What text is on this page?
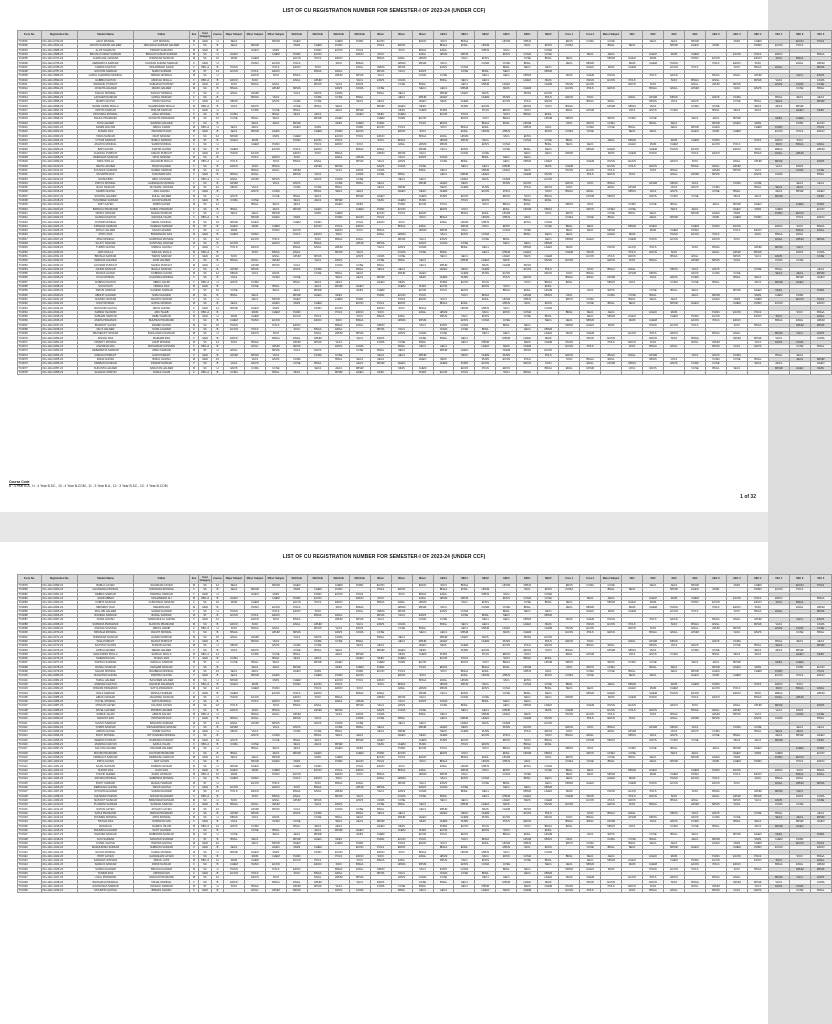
LIST OF CU REGISTRATION NUMBER FOR SEMESTER-I OF 2023-24 (UNDER CCF)
Form No.	Registration No.	Student Name	Father	Sex	Cast Category	Course	Major Subject	Minor Subject	Minor Subject	Skill Enh	Skill Enh	Skill Enh	Skill Enh	Minor	Minor	Minor	AEC1	SEC1	SEC2	AEC1	SEC1	SEC2	Core 1	Core 2	Minor Subject	GE1	GE2	GE3	GE4	AEC 3	AEC 4	SEC 2	VAC 1	SEC 3	VAC 4
TC0001	011-1111-0700-23	ANUJ MONDAL	AJIT MONDAL	M	GEN	H	SEC1		MPHR	HGEO		CHEM	PHSN	ECON		EDCN	SOCI	BNGA		HPHM	MPHS		ENVS	CCMA	CCSE		SEC1	AEC1	MPHR		MHIS	CHEM		ECON	POLS
TC0002	011-1111-0841-23	ANKITA SARKAR HALDER	NIRANJAN SARKAR HALDER	F	SC	B	AEC1	MPHR		MHIS	CHEM	PHSN		POLS	EDCN		BNGA	ENGL	HPHM		VAC1	ENVS	CCMA		BNGL	SEC1		MPHR	HGEO	MHIS		PHSN	ECON	POLS	
TC0003	011-1111-0885-23	ALOP SAMANTA	PRADIP SAMANTA	M	GEN	B		HGEO	MHIS		PHSN	ECON	POLS		SOCI	BNGA	ENGL		MPHS	VAC1		CCMA													
TC0004	011-1111-0888-23	BIKASH KUMAR SARDAR	BIDHAN KUMAR SARDAR	M	SC	H	HGEO		CHEM	PHSN	ECON		EDCN	SOCI		ENGL	HPHM	MPHS		ENVS	CCMA	CCSE		SEC1	AEC1		HGEO	MHIS	CHEM		ECON	POLS	EDCN		BNGA
TC0005	011-1111-0703-23	CHANCHAL NASKAR	DIPANKAR NASKAR	M	SC	10	MHIS	CHEM		ECON	POLS	EDCN		BNGA	ENGL	HPHM		VAC1	ENVS		CCSE	BNGL	SEC1		MPHR	HGEO	MHIS		PHSN	ECON		EDCN	SOCI	BNGA	
TC0006	011-1111-0706-23	DEBAPRIYA SARKAR	KHOKAN KUMAR SARKAR	F	GEN	H		PHSN	ECON	POLS		SOCI	BNGA		HPHM	MPHS	VAC1		CCMA	CCSE	BNGL		AEC1	MPHR		MHIS	CHEM	PHSN		POLS	EDCN	SOCI		ENGL	HPHM
TC0007	011-1111-0786-23	FARIDA KHATUN	MOHAMMAD SAHID	F	OBC-A	B	PHSN		POLS	EDCN	SOCI		ENGL	HPHM	MPHS		ENVS	CCMA		BNGL	SEC1	AEC1		HGEO	MHIS	CHEM		ECON	POLS		SOCI	BNGA	ENGL		MPHS
TC0008	011-1111-0787-23	GOUTAM SARDAR	SHIBU SARDAR	M	ST	12	ECON	POLS	EDCN		BNGA	ENGL		MPHS	VAC1	ENVS		CCSE	BNGL	SEC1		MPHR													
TC0009	011-1111-0889-23	GOPAL CHANDRA MONDAL	NIRMAL MONDAL	M	SC	H		EDCN	SOCI	BNGA		HPHM	MPHS	VAC1		CCMA	CCSE		SEC1	AEC1	MPHR		MHIS	CHEM	PHSN		POLS	EDCN		BNGA	ENGL	HPHM		VAC1	ENVS
TC0010	011-1111-0890-23	HABIBA KHATUN	AMIR ALI MOLLA	F	OBC-A	B	EDCN	SOCI		ENGL	HPHM		VAC1	ENVS	CCMA		BNGL	SEC1	AEC1		HGEO	MHIS		PHSN	ECON	POLS		SOCI	BNGA	ENGL		MPHS	VAC1		CCMA
TC0011	011-1111-0891-23	INDRANIL PURKAIT	SUBHASH PURKAIT	M	GEN	10	SOCI	BNGA	ENGL		MPHS	VAC1	ENVS		CCSE	BNGL		AEC1	MPHR	HGEO		CHEM	PHSN	ECON		EDCN	SOCI		ENGL	HPHM	MPHS		ENVS	CCMA	CCSE
TC0012	011-1111-0892-23	JAYANTA HALDER	MANIK HALDER	M	SC	B	BNGA		HPHM	MPHS		ENVS	CCMA	CCSE		SEC1	AEC1	MPHR		MHIS	CHEM		ECON	POLS	EDCN		BNGA	ENGL	HPHM		VAC1	ENVS		CCSE	BNGL
TC0013	011-1111-0893-23	KAKALI MONDAL	SANJAY MONDAL	F	SC	H	ENGL	HPHM		VAC1	ENVS	CCMA		BNGL	SEC1		MPHR	HGEO	MHIS		PHSN	ECON													
TC0014	011-1111-0894-23	LAKSHMI NASKAR	GOPAL NASKAR	F	SC	B		MPHS	VAC1		CCMA	CCSE	BNGL		AEC1	MPHR	HGEO		CHEM	PHSN		POLS	EDCN	SOCI		ENGL	HPHM	MPHS		ENVS	CCMA		BNGL	SEC1	AEC1
TC0015	011-1111-0895-23	MAMPI GHOSH	TAPAN GHOSH	F	GEN	12	MPHS		ENVS	CCMA	CCSE		SEC1	AEC1		HGEO	MHIS	CHEM		ECON	POLS	EDCN		BNGA	ENGL		MPHS	VAC1	ENVS		CCSE	BNGL	SEC1		MPHR
TC0016	011-1111-0896-23	NASIR UDDIN MOLLA	SAHABUDDIN MOLLA	M	OBC-A	B	VAC1	ENVS		CCSE	BNGL	SEC1		MPHR	HGEO	MHIS		PHSN	ECON		EDCN	SOCI	BNGA		HPHM	MPHS	VAC1		CCMA	CCSE		SEC1	AEC1	MPHR	
TC0017	011-1111-0897-23	ORPITA SARKAR	BIPLAB SARKAR	F	GEN	H		CCMA	CCSE	BNGL		AEC1	MPHR		MHIS	CHEM	PHSN		POLS	EDCN	SOCI		ENGL	HPHM		VAC1	ENVS	CCMA		BNGL	SEC1	AEC1		HGEO	MHIS
TC0018	011-1111-0898-23	PRIYANKA MONDAL	AMAL MONDAL	F	SC	B	CCMA		BNGL	SEC1	AEC1		HGEO	MHIS	CHEM		ECON	POLS		SOCI	BNGA	ENGL													
TC0019	011-1111-0899-23	RAHUL PRAMANIK	SUSANTA PRAMANIK	M	SC	10	CCSE	BNGL	SEC1		MPHR	HGEO		CHEM	PHSN	ECON		EDCN	SOCI	BNGA		HPHM	MPHS		ENVS	CCMA	CCSE		SEC1	AEC1	MPHR		MHIS	CHEM	
TC0020	011-1111-0900-23	RIYA HALDER	SWAPAN HALDER	F	SC	B		SEC1	AEC1	MPHR		MHIS	CHEM	PHSN		POLS	EDCN		BNGA	ENGL	HPHM		VAC1	ENVS	CCMA		BNGL	SEC1		MPHR	HGEO	MHIS		PHSN	ECON
TC0021	011-1111-0901-23	SAMIM AKHTAR	ABDUL KARIM	M	OBC-A	H	SEC1	AEC1		HGEO	MHIS		PHSN	ECON	POLS		SOCI	BNGA	ENGL		MPHS	VAC1		CCMA	CCSE	BNGL		AEC1	MPHR	HGEO		CHEM	PHSN		POLS
TC0022	011-1111-0902-23	SUMAN DAS	PRASANTA DAS	M	GEN	B	AEC1	MPHR	HGEO		CHEM	PHSN	ECON		EDCN	SOCI		ENGL	HPHM	MPHS		ENVS	CCMA	CCSE		SEC1	AEC1		HGEO	MHIS	CHEM		ECON	POLS	EDCN
TC0023	011-1111-0903-23	TANIA NASKAR	DILIP NASKAR	F	SC	12	MPHR		MHIS	CHEM		ECON	POLS	EDCN		BNGA	ENGL	HPHM		VAC1	ENVS														
TC0024	011-1111-0904-23	UTTAM SARDAR	BABLU SARDAR	M	ST	B	HGEO	MHIS		PHSN	ECON	POLS		SOCI	BNGA		HPHM	MPHS	VAC1		CCMA	CCSE	BNGL		AEC1	MPHR		MHIS	CHEM	PHSN		POLS	EDCN	SOCI	
TC0025	011-1111-0905-23	ANANYA MONDAL	SAMIR MONDAL	F	SC	H		CHEM	PHSN		POLS	EDCN	SOCI		ENGL	HPHM	MPHS		ENVS	CCMA		BNGL	SEC1	AEC1		HGEO	MHIS	CHEM		ECON	POLS		SOCI	BNGA	ENGL
TC0026	011-1111-0906-23	BAPI GAYEN	KARTIK GAYEN	M	SC	B	CHEM		ECON	POLS	EDCN		BNGA	ENGL		MPHS	VAC1	ENVS		CCSE	BNGL	SEC1		MPHR	HGEO		CHEM	PHSN	ECON		EDCN	SOCI	BNGA		HPHM
TC0027	011-1111-0907-23	CHAITALI PURKAIT	ASHOK PURKAIT	F	GEN	10	PHSN	ECON		EDCN	SOCI	BNGA		HPHM	MPHS	VAC1		CCMA	CCSE		SEC1	AEC1	MPHR		MHIS	CHEM	PHSN		POLS	EDCN		BNGA	ENGL	HPHM	
TC0028	011-1111-0908-23	DEBASHIS NASKAR	NITAI NASKAR	M	SC	B		POLS	EDCN	SOCI		ENGL	HPHM		VAC1	ENVS	CCMA		BNGL	SEC1	AEC1														
TC0029	011-1111-0909-23	FIROJ MOLLA	JAHANGIR MOLLA	M	OBC-A	H	POLS		SOCI	BNGA	ENGL		MPHS	VAC1	ENVS		CCSE	BNGL		AEC1	MPHR	HGEO		CHEM	PHSN	ECON		EDCN	SOCI		ENGL	HPHM	MPHS		ENVS
TC0030	011-1111-0910-23	ISHITA HALDER	BIJAN HALDER	F	SC	B	EDCN	SOCI	BNGA		HPHM	MPHS		ENVS	CCMA	CCSE		SEC1	AEC1	MPHR		MHIS	CHEM		ECON	POLS	EDCN		BNGA	ENGL	HPHM		VAC1	ENVS	
TC0031	011-1111-0911-23	KOUSHIK SARDAR	NAREN SARDAR	M	SC	12		BNGA	ENGL	HPHM		VAC1	ENVS	CCMA		BNGL	SEC1		MPHR	HGEO	MHIS		PHSN	ECON	POLS		SOCI	BNGA		HPHM	MPHS	VAC1		CCMA	CCSE
TC0032	011-1111-0912-23	MOUMITA DAS	SUKUMAR DAS	F	GEN	B	BNGA	ENGL		MPHS	VAC1		CCMA	CCSE	BNGL		AEC1	MPHR	HGEO		CHEM	PHSN		POLS	EDCN	SOCI		ENGL	HPHM	MPHS		ENVS	CCMA		BNGL
TC0033	011-1111-0913-23	NILIMA BIBI	ABUL HOSSAIN	F	OBC-A	H	ENGL	HPHM	MPHS		ENVS	CCMA	CCSE		SEC1	AEC1		HGEO	MHIS	CHEM		ECON													
TC0034	011-1111-0914-23	PAPIYA MONDAL	HARADHAN MONDAL	F	SC	B	HPHM		VAC1	ENVS		CCSE	BNGL	SEC1		MPHR	HGEO	MHIS		PHSN	ECON		EDCN	SOCI	BNGA		HPHM	MPHS	VAC1		CCMA	CCSE		SEC1	AEC1
TC0035	011-1111-0915-23	RAJU NASKAR	SHYAMAL NASKAR	M	SC	10	MPHS	VAC1		CCMA	CCSE	BNGL		AEC1	MPHR		MHIS	CHEM	PHSN		POLS	EDCN	SOCI		ENGL	HPHM		VAC1	ENVS	CCMA		BNGL	SEC1	AEC1	
TC0036	011-1111-0916-23	SAMPA GHOSH	ANIL GHOSH	F	GEN	B		ENVS	CCMA		BNGL	SEC1	AEC1		HGEO	MHIS	CHEM		ECON	POLS		SOCI	BNGA	ENGL		MPHS	VAC1	ENVS		CCSE	BNGL		AEC1	MPHR	HGEO
TC0037	011-1111-0917-23	SOURAV HALDER	DULAL HALDER	M	SC	H	ENVS		CCSE	BNGL	SEC1		MPHR	HGEO		CHEM	PHSN	ECON		EDCN	SOCI	BNGA		HPHM	MPHS		ENVS	CCMA	CCSE		SEC1	AEC1	MPHR		MHIS
TC0038	011-1111-0918-23	TANUSREE SARKAR	GOUR SARKAR	F	GEN	B	CCMA	CCSE		SEC1	AEC1	MPHR		MHIS	CHEM	PHSN		POLS	EDCN		BNGA	ENGL													
TC0039	011-1111-0919-23	AMIT GAYEN	RABIN GAYEN	M	SC	12		BNGL	SEC1	AEC1		HGEO	MHIS		PHSN	ECON	POLS		SOCI	BNGA	ENGL		MPHS	VAC1		CCMA	CCSE	BNGL		AEC1	MPHR	HGEO		CHEM	PHSN
TC0040	011-1111-0920-23	BARNALI PRAMANIK	SUBAL PRAMANIK	F	SC	B	BNGL		AEC1	MPHR	HGEO		CHEM	PHSN	ECON		EDCN	SOCI		ENGL	HPHM	MPHS		ENVS	CCMA	CCSE		SEC1	AEC1		HGEO	MHIS	CHEM		ECON
TC0041	011-1111-0921-23	DIPIKA NASKAR	MADAN NASKAR	F	SC	H	SEC1	AEC1	MPHR		MHIS	CHEM		ECON	POLS	EDCN		BNGA	ENGL	HPHM		VAC1	ENVS		CCSE	BNGL	SEC1		MPHR	HGEO	MHIS		PHSN	ECON	
TC0042	011-1111-0922-23	HASINA KHATUN	RAFIQUL ISLAM	F	OBC-A	B		MPHR	HGEO	MHIS		PHSN	ECON	POLS		SOCI	BNGA		HPHM	MPHS	VAC1		CCMA	CCSE	BNGL		AEC1	MPHR		MHIS	CHEM	PHSN		POLS	EDCN
TC0043	011-1111-0923-23	JOYDEB MONDAL	NEPAL MONDAL	M	SC	10	MPHR	HGEO		CHEM	PHSN		POLS	EDCN	SOCI		ENGL	HPHM	MPHS		ENVS	CCMA													
TC0044	011-1111-0924-23	KRISHNA SARDAR	PARESH SARDAR	M	ST	B	HGEO	MHIS	CHEM		ECON	POLS	EDCN		BNGA	ENGL		MPHS	VAC1	ENVS		CCSE	BNGL	SEC1		MPHR	HGEO		CHEM	PHSN	ECON		EDCN	SOCI	BNGA
TC0045	011-1111-0925-23	MITALI HALDER	KANAI HALDER	F	SC	H	MHIS		PHSN	ECON		EDCN	SOCI	BNGA		HPHM	MPHS	VAC1		CCMA	CCSE		SEC1	AEC1	MPHR		MHIS	CHEM	PHSN		POLS	EDCN		BNGA	ENGL
TC0046	011-1111-0926-23	PINTU DAS	BISWANATH DAS	M	GEN	B	CHEM	PHSN		POLS	EDCN	SOCI		ENGL	HPHM		VAC1	ENVS	CCMA		BNGL	SEC1	AEC1		HGEO	MHIS		PHSN	ECON	POLS		SOCI	BNGA	ENGL	
TC0047	011-1111-0927-23	RINA MONDAL	HARIPADA MONDAL	F	SC	12		ECON	POLS		SOCI	BNGA	ENGL		MPHS	VAC1	ENVS		CCSE	BNGL		AEC1	MPHR	HGEO		CHEM	PHSN	ECON		EDCN	SOCI		ENGL	HPHM	MPHS
TC0048	011-1111-0928-23	SUJOY NASKAR	SANTOSH NASKAR	M	SC	B	ECON		EDCN	SOCI	BNGA		HPHM	MPHS		ENVS	CCMA	CCSE		SEC1	AEC1	MPHR													
TC0049	011-1111-0929-23	TUMPA GHOSH	MRINAL GHOSH	F	GEN	H	POLS	EDCN		BNGA	ENGL	HPHM		VAC1	ENVS	CCMA		BNGL	SEC1		MPHR	HGEO	MHIS		PHSN	ECON	POLS		SOCI	BNGA		HPHM	MPHS	VAC1	
TC0050	011-1111-0930-23	ARIF MOLLA	SIRAJUL MOLLA	M	OBC-A	B		SOCI	BNGA	ENGL		MPHS	VAC1		CCMA	CCSE	BNGL		AEC1	MPHR	HGEO		CHEM	PHSN		POLS	EDCN	SOCI		ENGL	HPHM	MPHS		ENVS	CCMA
TC0051	011-1111-0931-23	BIDISHA SARKAR	TARUN SARKAR	F	GEN	10	SOCI		ENGL	HPHM	MPHS		ENVS	CCMA	CCSE		SEC1	AEC1		HGEO	MHIS	CHEM		ECON	POLS	EDCN		BNGA	ENGL		MPHS	VAC1	ENVS		CCSE
TC0052	011-1111-0932-23	DEBJANI HALDER	ASIM HALDER	F	SC	B	BNGA	ENGL	HPHM		VAC1	ENVS		CCSE	BNGL	SEC1		MPHR	HGEO	MHIS		PHSN	ECON		EDCN	SOCI	BNGA		HPHM	MPHS	VAC1		CCMA	CCSE	
TC0053	011-1111-0933-23	GOURAB PURKAIT	NANDA PURKAIT	M	GEN	H		HPHM	MPHS	VAC1		CCMA	CCSE	BNGL		AEC1	MPHR		MHIS	CHEM	PHSN														
TC0054	011-1111-0934-23	JHUMA NASKAR	BHOLA NASKAR	F	SC	B	HPHM	MPHS		ENVS	CCMA		BNGL	SEC1	AEC1		HGEO	MHIS	CHEM		ECON	POLS		SOCI	BNGA	ENGL		MPHS	VAC1	ENVS		CCSE	BNGL		AEC1
TC0055	011-1111-0935-23	MANAS GAYEN	GOBINDA GAYEN	M	SC	12	MPHS	VAC1	ENVS		CCSE	BNGL	SEC1		MPHR	HGEO		CHEM	PHSN	ECON		EDCN	SOCI	BNGA		HPHM	MPHS		ENVS	CCMA	CCSE		SEC1	AEC1	MPHR
TC0056	011-1111-0936-23	PUJA MONDAL	KALIPADA MONDAL	F	SC	B	VAC1		CCMA	CCSE		SEC1	AEC1	MPHR		MHIS	CHEM	PHSN		POLS	EDCN		BNGA	ENGL	HPHM		VAC1	ENVS	CCMA		BNGL	SEC1		MPHR	HGEO
TC0057	011-1111-0937-23	RUBINA KHATUN	ABDUL MAJID	F	OBC-A	H	ENVS	CCMA		BNGL	SEC1	AEC1		HGEO	MHIS		PHSN	ECON	POLS		SOCI	BNGA	ENGL		MPHS	VAC1		CCMA	CCSE	BNGL		AEC1	MPHR	HGEO	
TC0058	011-1111-0938-23	SAYAN DAS	NIRMAL DAS	M	GEN	B		CCSE	BNGL		AEC1	MPHR	HGEO		CHEM	PHSN	ECON		EDCN	SOCI		ENGL													
TC0059	011-1111-0939-23	TAPASI SARDAR	GANESH SARDAR	F	ST	10	CCSE		SEC1	AEC1	MPHR		MHIS	CHEM		ECON	POLS	EDCN		BNGA	ENGL	HPHM		VAC1	ENVS		CCSE	BNGL	SEC1		MPHR	HGEO	MHIS		PHSN
TC0060	011-1111-0940-23	ABHIJIT HALDER	NIMAI HALDER	M	SC	B	BNGL	SEC1		MPHR	HGEO	MHIS		PHSN	ECON	POLS		SOCI	BNGA		HPHM	MPHS	VAC1		CCMA	CCSE	BNGL		AEC1	MPHR		MHIS	CHEM	PHSN	
TC0061	011-1111-0941-23	CHUMKI NASKAR	ANANTA NASKAR	F	SC	H		AEC1	MPHR	HGEO		CHEM	PHSN		POLS	EDCN	SOCI		ENGL	HPHM	MPHS		ENVS	CCMA		BNGL	SEC1	AEC1		HGEO	MHIS	CHEM		ECON	POLS
TC0062	011-1111-0942-23	DILIP MONDAL	GOPAL MONDAL	M	SC	B	AEC1		HGEO	MHIS	CHEM		ECON	POLS	EDCN		BNGA	ENGL		MPHS	VAC1	ENVS		CCSE	BNGL	SEC1		MPHR	HGEO		CHEM	PHSN	ECON		EDCN
TC0063	011-1111-0943-23	MOUSUMI GHOSH	ARUN GHOSH	F	GEN	12	MPHR	HGEO	MHIS		PHSN	ECON		EDCN	SOCI	BNGA		HPHM	MPHS	VAC1		CCMA													
TC0064	011-1111-0944-23	SABINA YEASMIN	ABU TALEB	F	OBC-A	B		MHIS	CHEM	PHSN		POLS	EDCN	SOCI		ENGL	HPHM		VAC1	ENVS	CCMA		BNGL	SEC1	AEC1		HGEO	MHIS		PHSN	ECON	POLS		SOCI	BNGA
TC0065	011-1111-0945-23	SUBHAM SARKAR	DEBU SARKAR	M	GEN	H	MHIS	CHEM		ECON	POLS		SOCI	BNGA	ENGL		MPHS	VAC1	ENVS		CCSE	BNGL		AEC1	MPHR	HGEO		CHEM	PHSN	ECON		EDCN	SOCI		ENGL
TC0066	011-1111-0946-23	ANIMA PRAMANIK	BHUPEN PRAMANIK	F	SC	B	CHEM	PHSN	ECON		EDCN	SOCI	BNGA		HPHM	MPHS		ENVS	CCMA	CCSE		SEC1	AEC1	MPHR		MHIS	CHEM		ECON	POLS	EDCN		BNGA	ENGL	HPHM
TC0067	011-1111-0947-23	BISWAJIT GAYEN	RAMEN GAYEN	M	SC	10	PHSN		POLS	EDCN		BNGA	ENGL	HPHM		VAC1	ENVS	CCMA		BNGL	SEC1		MPHR	HGEO	MHIS		PHSN	ECON	POLS		SOCI	BNGA		HPHM	MPHS
TC0068	011-1111-0948-23	KEYA HALDER	SUNIL HALDER	F	SC	B	ECON	POLS		SOCI	BNGA	ENGL		MPHS	VAC1		CCMA	CCSE	BNGL		AEC1	MPHR													
TC0069	011-1111-0949-23	PRASENJIT NASKAR	BHOLANATH NASKAR	M	SC	H		EDCN	SOCI		ENGL	HPHM	MPHS		ENVS	CCMA	CCSE		SEC1	AEC1		HGEO	MHIS	CHEM		ECON	POLS	EDCN		BNGA	ENGL		MPHS	VAC1	ENVS
TC0070	011-1111-0950-23	SONALI DAS	MADHAB DAS	F	GEN	B	EDCN		BNGA	ENGL	HPHM		VAC1	ENVS		CCSE	BNGL	SEC1		MPHR	HGEO	MHIS		PHSN	ECON		EDCN	SOCI	BNGA		HPHM	MPHS	VAC1		CCMA
TC0071	011-1111-0951-23	TANMOY MONDAL	ANUP MONDAL	M	SC	12	SOCI	BNGA		HPHM	MPHS	VAC1		CCMA	CCSE	BNGL		AEC1	MPHR		MHIS	CHEM	PHSN		POLS	EDCN	SOCI		ENGL	HPHM		VAC1	ENVS	CCMA	
TC0072	011-1111-0952-23	ANJUMAN ARA	MOSHARAF HOSSAIN	F	OBC-A	B		ENGL	HPHM	MPHS		ENVS	CCMA		BNGL	SEC1	AEC1		HGEO	MHIS	CHEM		ECON	POLS		SOCI	BNGA	ENGL		MPHS	VAC1	ENVS		CCSE	BNGL
TC0073	011-1111-0953-23	DEBABRATA SARDAR	JIBAN SARDAR	M	ST	H	ENGL		MPHS	VAC1	ENVS		CCSE	BNGL	SEC1		MPHR	HGEO		CHEM	PHSN	ECON													
TC0074	011-1111-0954-23	MANASI PURKAIT	HARI PURKAIT	F	GEN	B	HPHM	MPHS	VAC1		CCMA	CCSE		SEC1	AEC1	MPHR		MHIS	CHEM	PHSN		POLS	EDCN		BNGA	ENGL	HPHM		VAC1	ENVS	CCMA		BNGL	SEC1	
TC0075	011-1111-0955-23	RANA GHOSH	BIMAL GHOSH	M	GEN	10		VAC1	ENVS	CCMA		BNGL	SEC1	AEC1		HGEO	MHIS		PHSN	ECON	POLS		SOCI	BNGA	ENGL		MPHS	VAC1		CCMA	CCSE	BNGL		AEC1	MPHR
TC0076	011-1111-0956-23	SRABANI NASKAR	PRADIP NASKAR	F	SC	B	VAC1	ENVS		CCSE	BNGL		AEC1	MPHR	HGEO		CHEM	PHSN	ECON		EDCN	SOCI		ENGL	HPHM	MPHS		ENVS	CCMA	CCSE		SEC1	AEC1		HGEO
TC0077	011-1111-0957-23	SUKANTA HALDER	NARAYAN HALDER	M	SC	H	ENVS	CCMA	CCSE		SEC1	AEC1	MPHR		MHIS	CHEM		ECON	POLS	EDCN		BNGA	ENGL	HPHM		VAC1	ENVS		CCSE	BNGL	SEC1		MPHR	HGEO	MHIS
TC0078	011-1111-0958-23	SAHANAJ PARVIN	NURUL ISLAM	F	OBC-A	B	CCMA		BNGL	SEC1		MPHR	HGEO	MHIS		PHSN	ECON	POLS		SOCI	BNGA														
Course Code
B : 4 Year B.A., H : 4 Year B.SC., 10 : 4 Year B.COM., 11 : 3 Year B.A., 12 : 3 Year B.SC., 13 : 3 Year B.COM.
1 of 32
LIST OF CU REGISTRATION NUMBER FOR SEMESTER-I OF 2023-24 (UNDER CCF)
Form No.	Registration No.	Student Name	Father	Sex	Cast Category	Course	Major Subject	Minor Subject	Minor Subject	Skill Enh	Skill Enh	Skill Enh	Skill Enh	Minor	Minor	Minor	AEC1	SEC1	SEC2	AEC1	SEC1	SEC2	Core 1	Core 2	Minor Subject	GE1	GE2	GE3	GE4	AEC 3	AEC 4	SEC 2	VAC 1	SEC 3	VAC 4
TC0079	011-1111-0959-23	BABLU GAYEN	SHANKAR GAYEN	M	SC	12	SEC1		MPHR	HGEO		CHEM	PHSN	ECON		EDCN	SOCI	BNGA		HPHM	MPHS		ENVS	CCMA	CCSE		SEC1	AEC1	MPHR		MHIS	CHEM		ECON	POLS
TC0080	011-1111-0960-23	CHANDANA MONDAL	TARAPADA MONDAL	F	SC	B	AEC1	MPHR		MHIS	CHEM	PHSN		POLS	EDCN		BNGA	ENGL	HPHM		VAC1	ENVS	CCMA		BNGL	SEC1		MPHR	HGEO	MHIS		PHSN	ECON	POLS	
TC0081	011-1111-0961-23	DEBIKA SARKAR	PARIMAL SARKAR	F	GEN	H		HGEO	MHIS		PHSN	ECON	POLS		SOCI	BNGA	ENGL		MPHS	VAC1		CCMA													
TC0082	011-1111-0962-23	JAHIR ABBAS	MOHAMMAD ALI	M	OBC-A	B	HGEO		CHEM	PHSN	ECON		EDCN	SOCI		ENGL	HPHM	MPHS		ENVS	CCMA	CCSE		SEC1	AEC1		HGEO	MHIS	CHEM		ECON	POLS	EDCN		BNGA
TC0083	011-1111-0963-23	KABITA NASKAR	GURUPADA NASKAR	F	SC	10	MHIS	CHEM		ECON	POLS	EDCN		BNGA	ENGL	HPHM		VAC1	ENVS		CCSE	BNGL	SEC1		MPHR	HGEO	MHIS		PHSN	ECON		EDCN	SOCI	BNGA	
TC0084	011-1111-0964-23	MRINMOY DAS	SWAPAN DAS	M	GEN	B		PHSN	ECON	POLS		SOCI	BNGA		HPHM	MPHS	VAC1		CCMA	CCSE	BNGL		AEC1	MPHR		MHIS	CHEM	PHSN		POLS	EDCN	SOCI		ENGL	HPHM
TC0085	011-1111-0965-23	PALLABI HALDER	SAMAR HALDER	F	SC	H	PHSN		POLS	EDCN	SOCI		ENGL	HPHM	MPHS		ENVS	CCMA		BNGL	SEC1	AEC1		HGEO	MHIS	CHEM		ECON	POLS		SOCI	BNGA	ENGL		MPHS
TC0086	011-1111-0966-23	RAKESH SARDAR	BADAL SARDAR	M	ST	B	ECON	POLS	EDCN		BNGA	ENGL		MPHS	VAC1	ENVS		CCSE	BNGL	SEC1		MPHR													
TC0087	011-1111-0967-23	SOMA GHOSH	NANDADULAL GHOSH	F	GEN	12		EDCN	SOCI	BNGA		HPHM	MPHS	VAC1		CCMA	CCSE		SEC1	AEC1	MPHR		MHIS	CHEM	PHSN		POLS	EDCN		BNGA	ENGL	HPHM		VAC1	ENVS
TC0088	011-1111-0968-23	SUBRATA PRAMANIK	KHOKON PRAMANIK	M	SC	B	EDCN	SOCI		ENGL	HPHM		VAC1	ENVS	CCMA		BNGL	SEC1	AEC1		HGEO	MHIS		PHSN	ECON	POLS		SOCI	BNGA	ENGL		MPHS	VAC1		CCMA
TC0089	011-1111-0969-23	AYESHA SULTANA	ABDUL HAMID	F	OBC-A	H	SOCI	BNGA	ENGL		MPHS	VAC1	ENVS		CCSE	BNGL		AEC1	MPHR	HGEO		CHEM	PHSN	ECON		EDCN	SOCI		ENGL	HPHM	MPHS		ENVS	CCMA	CCSE
TC0090	011-1111-0970-23	BIPASHA MONDAL	RANJIT MONDAL	F	SC	B	BNGA		HPHM	MPHS		ENVS	CCMA	CCSE		SEC1	AEC1	MPHR		MHIS	CHEM		ECON	POLS	EDCN		BNGA	ENGL	HPHM		VAC1	ENVS		CCSE	BNGL
TC0091	011-1111-0971-23	DIPANKAR NASKAR	HARAN NASKAR	M	SC	10	ENGL	HPHM		VAC1	ENVS	CCMA		BNGL	SEC1		MPHR	HGEO	MHIS		PHSN	ECON													
TC0092	011-1111-0972-23	ISHA PURKAIT	MANOJ PURKAIT	F	GEN	B		MPHS	VAC1		CCMA	CCSE	BNGL		AEC1	MPHR	HGEO		CHEM	PHSN		POLS	EDCN	SOCI		ENGL	HPHM	MPHS		ENVS	CCMA		BNGL	SEC1	AEC1
TC0093	011-1111-0973-23	KAUSTAV GAYEN	SUDHIR GAYEN	M	SC	H	MPHS		ENVS	CCMA	CCSE		SEC1	AEC1		HGEO	MHIS	CHEM		ECON	POLS	EDCN		BNGA	ENGL		MPHS	VAC1	ENVS		CCSE	BNGL	SEC1		MPHR
TC0094	011-1111-0974-23	LIPIKA HALDER	NEMAI HALDER	F	SC	B	VAC1	ENVS		CCSE	BNGL	SEC1		MPHR	HGEO	MHIS		PHSN	ECON		EDCN	SOCI	BNGA		HPHM	MPHS	VAC1		CCMA	CCSE		SEC1	AEC1	MPHR	
TC0095	011-1111-0975-23	MAHIUDDIN MOLLA	SAMSUL MOLLA	M	OBC-A	12		CCMA	CCSE	BNGL		AEC1	MPHR		MHIS	CHEM	PHSN		POLS	EDCN	SOCI		ENGL	HPHM		VAC1	ENVS	CCMA		BNGL	SEC1	AEC1		HGEO	MHIS
TC0096	011-1111-0976-23	NABANITA DAS	SUSHIL DAS	F	GEN	B	CCMA		BNGL	SEC1	AEC1		HGEO	MHIS	CHEM		ECON	POLS		SOCI	BNGA	ENGL													
TC0097	011-1111-0977-23	PARTHA SARDAR	MANGAL SARDAR	M	ST	H	CCSE	BNGL	SEC1		MPHR	HGEO		CHEM	PHSN	ECON		EDCN	SOCI	BNGA		HPHM	MPHS		ENVS	CCMA	CCSE		SEC1	AEC1	MPHR		MHIS	CHEM	
TC0098	011-1111-0978-23	RUPALI NASKAR	KESHAB NASKAR	F	SC	B		SEC1	AEC1	MPHR		MHIS	CHEM	PHSN		POLS	EDCN		BNGA	ENGL	HPHM		VAC1	ENVS	CCMA		BNGL	SEC1		MPHR	HGEO	MHIS		PHSN	ECON
TC0099	011-1111-0979-23	SAGAR MONDAL	BHABESH MONDAL	M	SC	10	SEC1	AEC1		HGEO	MHIS		PHSN	ECON	POLS		SOCI	BNGA	ENGL		MPHS	VAC1		CCMA	CCSE	BNGL		AEC1	MPHR	HGEO		CHEM	PHSN		POLS
TC0100	011-1111-0980-23	SUCHITRA GHOSH	PABITRA GHOSH	F	GEN	B	AEC1	MPHR	HGEO		CHEM	PHSN	ECON		EDCN	SOCI		ENGL	HPHM	MPHS		ENVS	CCMA	CCSE		SEC1	AEC1		HGEO	MHIS	CHEM		ECON	POLS	EDCN
TC0101	011-1111-0981-23	TAMAL HALDER	BASUDEB HALDER	M	SC	H	MPHR		MHIS	CHEM		ECON	POLS	EDCN		BNGA	ENGL	HPHM		VAC1	ENVS														
TC0102	011-1111-0982-23	ANWARA KHATUN	HAFIZUR RAHAMAN	F	OBC-A	B	HGEO	MHIS		PHSN	ECON	POLS		SOCI	BNGA		HPHM	MPHS	VAC1		CCMA	CCSE	BNGL		AEC1	MPHR		MHIS	CHEM	PHSN		POLS	EDCN	SOCI	
TC0103	011-1111-0983-23	BIKRAM PRAMANIK	SATYA PRAMANIK	M	SC	12		CHEM	PHSN		POLS	EDCN	SOCI		ENGL	HPHM	MPHS		ENVS	CCMA		BNGL	SEC1	AEC1		HGEO	MHIS	CHEM		ECON	POLS		SOCI	BNGA	ENGL
TC0104	011-1111-0984-23	DOLA SARKAR	PANKAJ SARKAR	F	GEN	B	CHEM		ECON	POLS	EDCN		BNGA	ENGL		MPHS	VAC1	ENVS		CCSE	BNGL	SEC1		MPHR	HGEO		CHEM	PHSN	ECON		EDCN	SOCI	BNGA		HPHM
TC0105	011-1111-0985-23	HIRAK NASKAR	JAGADISH NASKAR	M	SC	H	PHSN	ECON		EDCN	SOCI	BNGA		HPHM	MPHS	VAC1		CCMA	CCSE		SEC1	AEC1	MPHR		MHIS	CHEM	PHSN		POLS	EDCN		BNGA	ENGL	HPHM	
TC0106	011-1111-0986-23	KOYEL MONDAL	AMIYA MONDAL	F	SC	B		POLS	EDCN	SOCI		ENGL	HPHM		VAC1	ENVS	CCMA		BNGL	SEC1	AEC1														
TC0107	011-1111-0987-23	MITHUN GAYEN	KALIDAS GAYEN	M	SC	10	POLS		SOCI	BNGA	ENGL		MPHS	VAC1	ENVS		CCSE	BNGL		AEC1	MPHR	HGEO		CHEM	PHSN	ECON		EDCN	SOCI		ENGL	HPHM	MPHS		ENVS
TC0108	011-1111-0988-23	PAYEL HALDER	PROBIR HALDER	F	SC	B	EDCN	SOCI	BNGA		HPHM	MPHS		ENVS	CCMA	CCSE		SEC1	AEC1	MPHR		MHIS	CHEM		ECON	POLS	EDCN		BNGA	ENGL	HPHM		VAC1	ENVS	
TC0109	011-1111-0989-23	RABIUL ISLAM	ABDUS SALAM	M	OBC-A	H		BNGA	ENGL	HPHM		VAC1	ENVS	CCMA		BNGL	SEC1		MPHR	HGEO	MHIS		PHSN	ECON	POLS		SOCI	BNGA		HPHM	MPHS	VAC1		CCMA	CCSE
TC0110	011-1111-0990-23	SANGITA DAS	PROSANTA DAS	F	GEN	B	BNGA	ENGL		MPHS	VAC1		CCMA	CCSE	BNGL		AEC1	MPHR	HGEO		CHEM	PHSN		POLS	EDCN	SOCI		ENGL	HPHM	MPHS		ENVS	CCMA		BNGL
TC0111	011-1111-0991-23	SHUVO SARDAR	BASANTA SARDAR	M	ST	12	ENGL	HPHM	MPHS		ENVS	CCMA	CCSE		SEC1	AEC1		HGEO	MHIS	CHEM		ECON													
TC0112	011-1111-0992-23	TUMPA NASKAR	KRISHNAPADA NASKAR	F	SC	B	HPHM		VAC1	ENVS		CCSE	BNGL	SEC1		MPHR	HGEO	MHIS		PHSN	ECON		EDCN	SOCI	BNGA		HPHM	MPHS	VAC1		CCMA	CCSE		SEC1	AEC1
TC0113	011-1111-0993-23	ARPAN GHOSH	SUBIR GHOSH	M	GEN	H	MPHS	VAC1		CCMA	CCSE	BNGL		AEC1	MPHR		MHIS	CHEM	PHSN		POLS	EDCN	SOCI		ENGL	HPHM		VAC1	ENVS	CCMA		BNGL	SEC1	AEC1	
TC0114	011-1111-0994-23	BULTI MONDAL	NITYANANDA MONDAL	F	SC	B		ENVS	CCMA		BNGL	SEC1	AEC1		HGEO	MHIS	CHEM		ECON	POLS		SOCI	BNGA	ENGL		MPHS	VAC1	ENVS		CCSE	BNGL		AEC1	MPHR	HGEO
TC0115	011-1111-0995-23	DEEPAK PURKAIT	RAMPADA PURKAIT	M	GEN	10	ENVS		CCSE	BNGL	SEC1		MPHR	HGEO		CHEM	PHSN	ECON		EDCN	SOCI	BNGA		HPHM	MPHS		ENVS	CCMA	CCSE		SEC1	AEC1	MPHR		MHIS
TC0116	011-1111-0996-23	JASMINA KHATUN	SAIFUL ISLAM	F	OBC-A	B	CCMA	CCSE		SEC1	AEC1	MPHR		MHIS	CHEM	PHSN		POLS	EDCN		BNGA	ENGL													
TC0117	011-1111-0997-23	KALYAN HALDER	PRANAB HALDER	M	SC	H		BNGL	SEC1	AEC1		HGEO	MHIS		PHSN	ECON	POLS		SOCI	BNGA	ENGL		MPHS	VAC1		CCMA	CCSE	BNGL		AEC1	MPHR	HGEO		CHEM	PHSN
TC0118	011-1111-0998-23	MOUMI PRAMANIK	GOUTAM PRAMANIK	F	SC	B	BNGL		AEC1	MPHR	HGEO		CHEM	PHSN	ECON		EDCN	SOCI		ENGL	HPHM	MPHS		ENVS	CCMA	CCSE		SEC1	AEC1		HGEO	MHIS	CHEM		ECON
TC0119	011-1111-0999-23	NIRMALYA SARKAR	DEBASISH SARKAR	M	GEN	12	SEC1	AEC1	MPHR		MHIS	CHEM		ECON	POLS	EDCN		BNGA	ENGL	HPHM		VAC1	ENVS		CCSE	BNGL	SEC1		MPHR	HGEO	MHIS		PHSN	ECON	
TC0120	011-1111-1000-23	PRIYA GAYEN	ASIT GAYEN	F	SC	B		MPHR	HGEO	MHIS		PHSN	ECON	POLS		SOCI	BNGA		HPHM	MPHS	VAC1		CCMA	CCSE	BNGL		AEC1	MPHR		MHIS	CHEM	PHSN		POLS	EDCN
TC0121	011-1111-1001-23	SAJAL NASKAR	DHIREN NASKAR	M	SC	H	MPHR	HGEO		CHEM	PHSN		POLS	EDCN	SOCI		ENGL	HPHM	MPHS		ENVS	CCMA													
TC0122	011-1111-1002-23	SUDIPA DAS	ALOK DAS	F	GEN	B	HGEO	MHIS	CHEM		ECON	POLS	EDCN		BNGA	ENGL		MPHS	VAC1	ENVS		CCSE	BNGL	SEC1		MPHR	HGEO		CHEM	PHSN	ECON		EDCN	SOCI	BNGA
TC0123	011-1111-1003-23	TOUFIK AHMED	ZAKIR HOSSAIN	M	OBC-A	10	MHIS		PHSN	ECON		EDCN	SOCI	BNGA		HPHM	MPHS	VAC1		CCMA	CCSE		SEC1	AEC1	MPHR		MHIS	CHEM	PHSN		POLS	EDCN		BNGA	ENGL
TC0124	011-1111-1004-23	ANTARA MONDAL	SHIBPADA MONDAL	F	SC	B	CHEM	PHSN		POLS	EDCN	SOCI		ENGL	HPHM		VAC1	ENVS	CCMA		BNGL	SEC1	AEC1		HGEO	MHIS		PHSN	ECON	POLS		SOCI	BNGA	ENGL	
TC0125	011-1111-1005-23	BIJOY SARDAR	MADHU SARDAR	M	ST	H		ECON	POLS		SOCI	BNGA	ENGL		MPHS	VAC1	ENVS		CCSE	BNGL		AEC1	MPHR	HGEO		CHEM	PHSN	ECON		EDCN	SOCI		ENGL	HPHM	MPHS
TC0126	011-1111-1006-23	DEBOLINA GHOSH	TAPAS GHOSH	F	GEN	B	ECON		EDCN	SOCI	BNGA		HPHM	MPHS		ENVS	CCMA	CCSE		SEC1	AEC1	MPHR													
TC0127	011-1111-1007-23	JOYANTA HALDER	SUDAM HALDER	M	SC	12	POLS	EDCN		BNGA	ENGL	HPHM		VAC1	ENVS	CCMA		BNGL	SEC1		MPHR	HGEO	MHIS		PHSN	ECON	POLS		SOCI	BNGA		HPHM	MPHS	VAC1	
TC0128	011-1111-1008-23	KHUSHBU PARVIN	ANISUR RAHAMAN	F	OBC-A	B		SOCI	BNGA	ENGL		MPHS	VAC1		CCMA	CCSE	BNGL		AEC1	MPHR	HGEO		CHEM	PHSN		POLS	EDCN	SOCI		ENGL	HPHM	MPHS		ENVS	CCMA
TC0129	011-1111-1009-23	MANOJIT NASKAR	BIRESWAR NASKAR	M	SC	H	SOCI		ENGL	HPHM	MPHS		ENVS	CCMA	CCSE		SEC1	AEC1		HGEO	MHIS	CHEM		ECON	POLS	EDCN		BNGA	ENGL		MPHS	VAC1	ENVS		CCSE
TC0130	011-1111-1010-23	PUJARINI SARKAR	SANKAR SARKAR	F	GEN	B	BNGA	ENGL	HPHM		VAC1	ENVS		CCSE	BNGL	SEC1		MPHR	HGEO	MHIS		PHSN	ECON		EDCN	SOCI	BNGA		HPHM	MPHS	VAC1		CCMA	CCSE	
TC0131	011-1111-1011-23	RATAN GAYEN	AKSHAY GAYEN	M	SC	10		HPHM	MPHS	VAC1		CCMA	CCSE	BNGL		AEC1	MPHR		MHIS	CHEM	PHSN														
TC0132	011-1111-1012-23	SATHI PRAMANIK	BAPAN PRAMANIK	F	SC	B	HPHM	MPHS		ENVS	CCMA		BNGL	SEC1	AEC1		HGEO	MHIS	CHEM		ECON	POLS		SOCI	BNGA	ENGL		MPHS	VAC1	ENVS		CCSE	BNGL		AEC1
TC0133	011-1111-1013-23	SOUMEN MONDAL	JATIN MONDAL	M	SC	H	MPHS	VAC1	ENVS		CCSE	BNGL	SEC1		MPHR	HGEO		CHEM	PHSN	ECON		EDCN	SOCI	BNGA		HPHM	MPHS		ENVS	CCMA	CCSE		SEC1	AEC1	MPHR
TC0134	011-1111-1014-23	TRISHA DAS	SOMNATH DAS	F	GEN	B	VAC1		CCMA	CCSE		SEC1	AEC1	MPHR		MHIS	CHEM	PHSN		POLS	EDCN		BNGA	ENGL	HPHM		VAC1	ENVS	CCMA		BNGL	SEC1		MPHR	HGEO
TC0135	011-1111-1015-23	AFSAR ALI	NAZRUL ISLAM	M	OBC-A	12	ENVS	CCMA		BNGL	SEC1	AEC1		HGEO	MHIS		PHSN	ECON	POLS		SOCI	BNGA	ENGL		MPHS	VAC1		CCMA	CCSE	BNGL		AEC1	MPHR	HGEO	
TC0136	011-1111-1016-23	BHUMIKA HALDER	SUJIT HALDER	F	SC	B		CCSE	BNGL		AEC1	MPHR	HGEO		CHEM	PHSN	ECON		EDCN	SOCI		ENGL													
TC0137	011-1111-1017-23	DHRUBA NASKAR	RABINDRA NASKAR	M	SC	H	CCSE		SEC1	AEC1	MPHR		MHIS	CHEM		ECON	POLS	EDCN		BNGA	ENGL	HPHM		VAC1	ENVS		CCSE	BNGL	SEC1		MPHR	HGEO	MHIS		PHSN
TC0138	011-1111-1018-23	JAYA SARDAR	SANATAN SARDAR	F	ST	B	BNGL	SEC1		MPHR	HGEO	MHIS		PHSN	ECON	POLS		SOCI	BNGA		HPHM	MPHS	VAC1		CCMA	CCSE	BNGL		AEC1	MPHR		MHIS	CHEM	PHSN	
TC0139	011-1111-1019-23	KUNAL GHOSH	PARTHA GHOSH	M	GEN	10		AEC1	MPHR	HGEO		CHEM	PHSN		POLS	EDCN	SOCI		ENGL	HPHM	MPHS		ENVS	CCMA		BNGL	SEC1	AEC1		HGEO	MHIS	CHEM		ECON	POLS
TC0140	011-1111-1020-23	MADHURIMA SARKAR	SUBRATA SARKAR	F	GEN	B	AEC1		HGEO	MHIS	CHEM		ECON	POLS	EDCN		BNGA	ENGL		MPHS	VAC1	ENVS		CCSE	BNGL	SEC1		MPHR	HGEO		CHEM	PHSN	ECON		EDCN
TC0141	011-1111-1021-23	NAYAN MONDAL	KAMAL MONDAL	M	SC	H	MPHR	HGEO	MHIS		PHSN	ECON		EDCN	SOCI	BNGA		HPHM	MPHS	VAC1		CCMA													
TC0142	011-1111-1022-23	PRITI GAYEN	HARADHAN GAYEN	F	SC	B		MHIS	CHEM	PHSN		POLS	EDCN	SOCI		ENGL	HPHM		VAC1	ENVS	CCMA		BNGL	SEC1	AEC1		HGEO	MHIS		PHSN	ECON	POLS		SOCI	BNGA
TC0143	011-1111-1023-23	SADDAM HOSSAIN	ABDUL LATIF	M	OBC-A	12	MHIS	CHEM		ECON	POLS		SOCI	BNGA	ENGL		MPHS	VAC1	ENVS		CCSE	BNGL		AEC1	MPHR	HGEO		CHEM	PHSN	ECON		EDCN	SOCI		ENGL
TC0144	011-1111-1024-23	SHREYA NASKAR	DIPAK NASKAR	F	SC	B	CHEM	PHSN	ECON		EDCN	SOCI	BNGA		HPHM	MPHS		ENVS	CCMA	CCSE		SEC1	AEC1	MPHR		MHIS	CHEM		ECON	POLS	EDCN		BNGA	ENGL	HPHM
TC0145	011-1111-1025-23	SUMAN HALDER	BIKASH HALDER	M	SC	H	PHSN		POLS	EDCN		BNGA	ENGL	HPHM		VAC1	ENVS	CCMA		BNGL	SEC1		MPHR	HGEO	MHIS		PHSN	ECON	POLS		SOCI	BNGA		HPHM	MPHS
TC0146	011-1111-1026-23	TANIMA DAS	AMITAVA DAS	F	GEN	B	ECON	POLS		SOCI	BNGA	ENGL		MPHS	VAC1		CCMA	CCSE	BNGL		AEC1	MPHR													
TC0147	011-1111-1027-23	UJJAL PRAMANIK	SADHAN PRAMANIK	M	SC	10		EDCN	SOCI		ENGL	HPHM	MPHS		ENVS	CCMA	CCSE		SEC1	AEC1		HGEO	MHIS	CHEM		ECON	POLS	EDCN		BNGA	ENGL		MPHS	VAC1	ENVS
TC0148	011-1111-1028-23	BAISHAKHI MONDAL	NIKHIL MONDAL	F	SC	B	EDCN		BNGA	ENGL	HPHM		VAC1	ENVS		CCSE	BNGL	SEC1		MPHR	HGEO	MHIS		PHSN	ECON		EDCN	SOCI	BNGA		HPHM	MPHS	VAC1		CCMA
TC0149	011-1111-1029-23	GOURANGA SARDAR	PANCHU SARDAR	M	ST	H	SOCI	BNGA		HPHM	MPHS	VAC1		CCMA	CCSE	BNGL		AEC1	MPHR		MHIS	CHEM	PHSN		POLS	EDCN	SOCI		ENGL	HPHM		VAC1	ENVS	CCMA	
TC0150	011-1111-1030-23	MOUMITA GHOSH	BIBHAS GHOSH	F	GEN	B		ENGL	HPHM	MPHS		ENVS	CCMA		BNGL	SEC1	AEC1		HGEO	MHIS	CHEM		ECON	POLS		SOCI	BNGA	ENGL		MPHS	VAC1	ENVS		CCSE	BNGL
